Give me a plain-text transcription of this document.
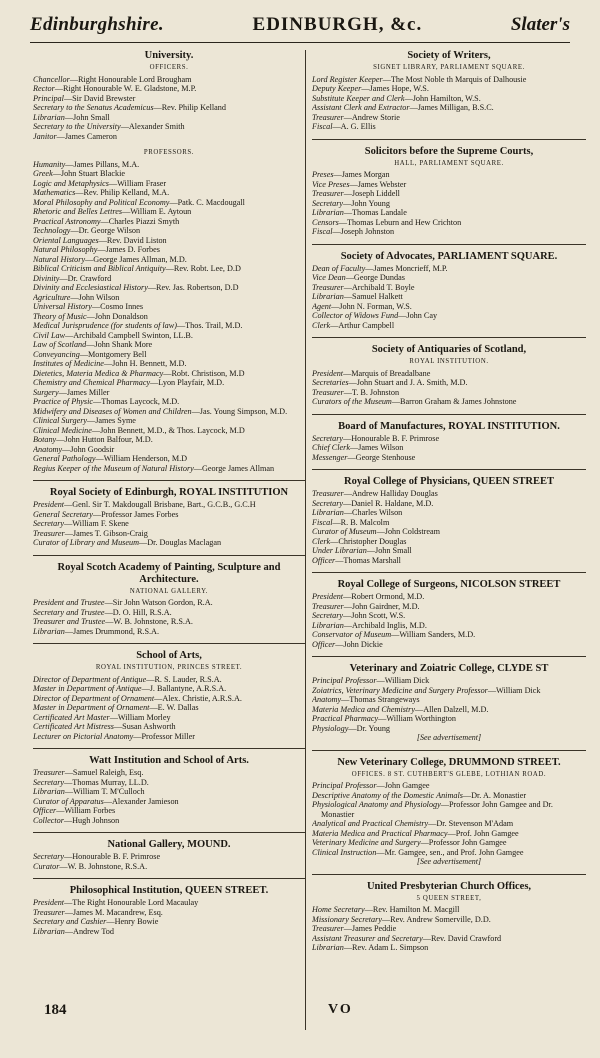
Edinburghshire.	EDINBURGH, &c.	Slater's
University.
OFFICERS.
Chancellor—Right Honourable Lord Brougham
Rector—Right Honourable W. E. Gladstone, M.P.
Principal—Sir David Brewster
Secretary to the Senatus Academicus—Rev. Philip Kelland
Librarian—John Small
Secretary to the University—Alexander Smith
Janitor—James Cameron
PROFESSORS.
Humanity—James Pillans, M.A.
Greek—John Stuart Blackie
Logic and Metaphysics—William Fraser
Mathematics—Rev. Philip Kelland, M.A.
Moral Philosophy and Political Economy—Patk. C. Macdougall
Rhetoric and Belles Lettres—William E. Aytoun
Practical Astronomy—Charles Piazzi Smyth
Technology—Dr. George Wilson
Oriental Languages—Rev. David Liston
Natural Philosophy—James D. Forbes
Natural History—George James Allman, M.D.
Biblical Criticism and Biblical Antiquity—Rev. Robt. Lee, D.D
Divinity—Dr. Crawford
Divinity and Ecclesiastical History—Rev. Jas. Robertson, D.D
Agriculture—John Wilson
Universal History—Cosmo Innes
Theory of Music—John Donaldson
Medical Jurisprudence (for students of law)—Thos. Trail, M.D.
Civil Law—Archibald Campbell Swinton, LL.B.
Law of Scotland—John Shank More
Conveyancing—Montgomery Bell
Institutes of Medicine—John H. Bennett, M.D.
Dietetics, Materia Medica & Pharmacy—Robt. Christison, M.D
Chemistry and Chemical Pharmacy—Lyon Playfair, M.D.
Surgery—James Miller
Practice of Physic—Thomas Laycock, M.D.
Midwifery and Diseases of Women and Children—Jas. Young Simpson, M.D.
Clinical Surgery—James Syme
Clinical Medicine—John Bennett, M.D., & Thos. Laycock, M.D
Botany—John Hutton Balfour, M.D.
Anatomy—John Goodsir
General Pathology—William Henderson, M.D
Regius Keeper of the Museum of Natural History—George James Allman
Royal Society of Edinburgh, ROYAL INSTITUTION
President—Genl. Sir T. Makdougall Brisbane, Bart., G.C.B., G.C.H
General Secretary—Professor James Forbes
Secretary—William F. Skene
Treasurer—James T. Gibson-Craig
Curator of Library and Museum—Dr. Douglas Maclagan
Royal Scotch Academy of Painting, Sculpture and Architecture.
NATIONAL GALLERY.
President and Trustee—Sir John Watson Gordon, R.A.
Secretary and Trustee—D. O. Hill, R.S.A.
Treasurer and Trustee—W. B. Johnstone, R.S.A.
Librarian—James Drummond, R.S.A.
School of Arts,
ROYAL INSTITUTION, PRINCES STREET.
Director of Department of Antique—R. S. Lauder, R.S.A.
Master in Department of Antique—J. Ballantyne, A.R.S.A.
Director of Department of Ornament—Alex. Christie, A.R.S.A.
Master in Department of Ornament—E. W. Dallas
Certificated Art Master—William Morley
Certificated Art Mistress—Susan Ashworth
Lecturer on Pictorial Anatomy—Professor Miller
Watt Institution and School of Arts.
Treasurer—Samuel Raleigh, Esq.
Secretary—Thomas Murray, LL.D.
Librarian—William T. M'Culloch
Curator of Apparatus—Alexander Jamieson
Officer—William Forbes
Collector—Hugh Johnson
National Gallery, MOUND.
Secretary—Honourable B. F. Primrose
Curator—W. B. Johnstone, R.S.A.
Philosophical Institution, QUEEN STREET.
President—The Right Honourable Lord Macaulay
Treasurer—James M. Macandrew, Esq.
Secretary and Cashier—Henry Bowie
Librarian—Andrew Tod
Society of Writers,
SIGNET LIBRARY, PARLIAMENT SQUARE.
Lord Register Keeper—The Most Noble th Marquis of Dalhousie
Deputy Keeper—James Hope, W.S.
Substitute Keeper and Clerk—John Hamilton, W.S.
Assistant Clerk and Extractor—James Milligan, B.S.C.
Treasurer—Andrew Storie
Fiscal—A. G. Ellis
Solicitors before the Supreme Courts,
HALL, PARLIAMENT SQUARE.
Preses—James Morgan
Vice Preses—James Webster
Treasurer—Joseph Liddell
Secretary—John Young
Librarian—Thomas Landale
Censors—Thomas Leburn and Hew Crichton
Fiscal—Joseph Johnston
Society of Advocates, PARLIAMENT SQUARE.
Dean of Faculty—James Moncrieff, M.P.
Vice Dean—George Dundas
Treasurer—Archibald T. Boyle
Librarian—Samuel Halkett
Agent—John N. Forman, W.S.
Collector of Widows Fund—John Cay
Clerk—Arthur Campbell
Society of Antiquaries of Scotland,
ROYAL INSTITUTION.
President—Marquis of Breadalbane
Secretaries—John Stuart and J. A. Smith, M.D.
Treasurer—T. B. Johnston
Curators of the Museum—Barron Graham & James Johnstone
Board of Manufactures, ROYAL INSTITUTION.
Secretary—Honourable B. F. Primrose
Chief Clerk—James Wilson
Messenger—George Stenhouse
Royal College of Physicians, QUEEN STREET
Treasurer—Andrew Halliday Douglas
Secretary—Daniel R. Haldane, M.D.
Librarian—Charles Wilson
Fiscal—R. B. Malcolm
Curator of Museum—John Coldstream
Clerk—Christopher Douglas
Under Librarian—John Small
Officer—Thomas Marshall
Royal College of Surgeons, NICOLSON STREET
President—Robert Ormond, M.D.
Treasurer—John Gairdner, M.D.
Secretary—John Scott, W.S.
Librarian—Archibald Inglis, M.D.
Conservator of Museum—William Sanders, M.D.
Officer—John Dickie
Veterinary and Zoiatric College, CLYDE ST
Principal Professor—William Dick
Zoiatrics, Veterinary Medicine and Surgery Professor—William Dick
Anatomy—Thomas Strangeways
Materia Medica and Chemistry—Allen Dalzell, M.D.
Practical Pharmacy—William Worthington
Physiology—Dr. Young
[See advertisement]
New Veterinary College, DRUMMOND STREET.
OFFICES. 8 ST. CUTHBERT'S GLEBE, LOTHIAN ROAD.
Principal Professor—John Gamgee
Descriptive Anatomy of the Domestic Animals—Dr. A. Monastier
Physiological Anatomy and Physiology—Professor John Gamgee and Dr. Monastier
Analytical and Practical Chemistry—Dr. Stevenson M'Adam
Materia Medica and Practical Pharmacy—Prof. John Gamgee
Veterinary Medicine and Surgery—Professor John Gamgee
Clinical Instruction—Mr. Gamgee, sen., and Prof. John Gamgee
[See advertisement]
United Presbyterian Church Offices,
5 QUEEN STREET,
Home Secretary—Rev. Hamilton M. Macgill
Missionary Secretary—Rev. Andrew Somerville, D.D.
Treasurer—James Peddie
Assistant Treasurer and Secretary—Rev. David Crawford
Librarian—Rev. Adam L. Simpson
184	VO
